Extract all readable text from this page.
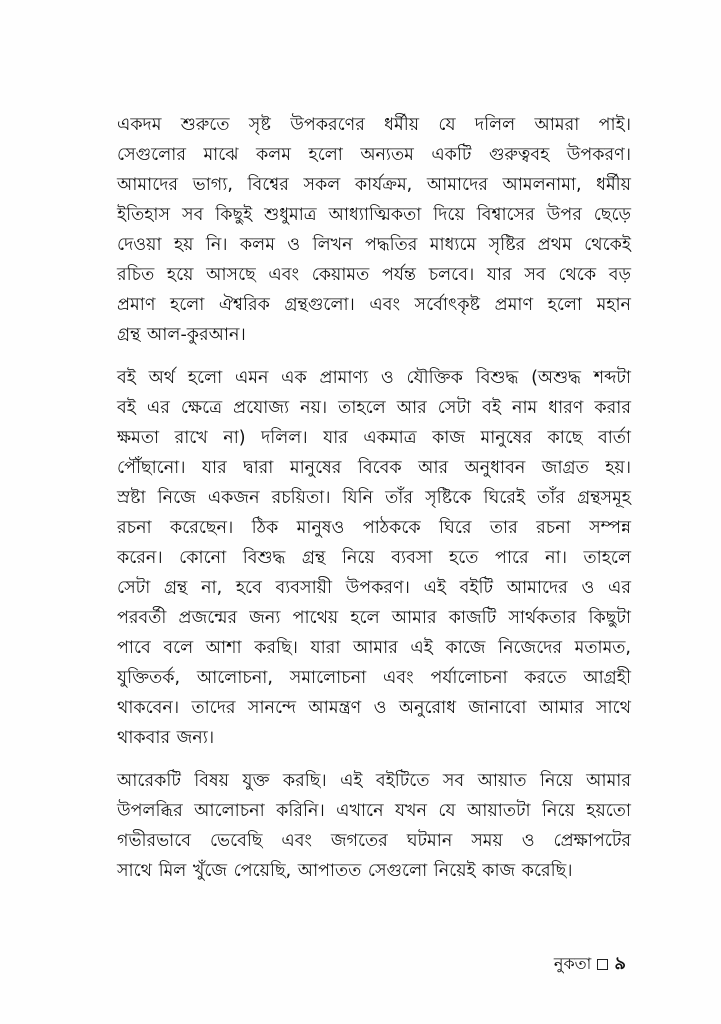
একদম শুরুতে সৃষ্ট উপকরণের ধর্মীয় যে দলিল আমরা পাই।
সেগুলোর মাঝে কলম হলো অন্যতম একটি গুরুত্ববহ উপকরণ।
আমাদের ভাগ্য, বিশ্বের সকল কার্যক্রম, আমাদের আমলনামা, ধর্মীয়
ইতিহাস সব কিছুই শুধুমাত্র আধ্যাত্মিকতা দিয়ে বিশ্বাসের উপর ছেড়ে
দেওয়া হয় নি। কলম ও লিখন পদ্ধতির মাধ্যমে সৃষ্টির প্রথম থেকেই
রচিত হয়ে আসছে এবং কেয়ামত পর্যন্ত চলবে। যার সব থেকে বড়
প্রমাণ হলো ঐশ্বরিক গ্রন্থগুলো। এবং সর্বোৎকৃষ্ট প্রমাণ হলো মহান
গ্রন্থ আল-কুরআন।

বই অর্থ হলো এমন এক প্রামাণ্য ও যৌক্তিক বিশুদ্ধ (অশুদ্ধ শব্দটা
বই এর ক্ষেত্রে প্রযোজ্য নয়। তাহলে আর সেটা বই নাম ধারণ করার
ক্ষমতা রাখে না) দলিল। যার একমাত্র কাজ মানুষের কাছে বার্তা
পৌঁছানো। যার দ্বারা মানুষের বিবেক আর অনুধাবন জাগ্রত হয়।
স্রষ্টা নিজে একজন রচয়িতা। যিনি তাঁর সৃষ্টিকে ঘিরেই তাঁর গ্রন্থসমূহ
রচনা করেছেন। ঠিক মানুষও পাঠককে ঘিরে তার রচনা সম্পন্ন
করেন। কোনো বিশুদ্ধ গ্রন্থ নিয়ে ব্যবসা হতে পারে না। তাহলে
সেটা গ্রন্থ না, হবে ব্যবসায়ী উপকরণ। এই বইটি আমাদের ও এর
পরবর্তী প্রজন্মের জন্য পাথেয় হলে আমার কাজটি সার্থকতার কিছুটা
পাবে বলে আশা করছি। যারা আমার এই কাজে নিজেদের মতামত,
যুক্তিতর্ক, আলোচনা, সমালোচনা এবং পর্যালোচনা করতে আগ্রহী
থাকবেন। তাদের সানন্দে আমন্ত্রণ ও অনুরোধ জানাবো আমার সাথে
থাকবার জন্য।

আরেকটি বিষয় যুক্ত করছি। এই বইটিতে সব আয়াত নিয়ে আমার
উপলব্ধির আলোচনা করিনি। এখানে যখন যে আয়াতটা নিয়ে হয়তো
গভীরভাবে ভেবেছি এবং জগতের ঘটমান সময় ও প্রেক্ষাপটের
সাথে মিল খুঁজে পেয়েছি, আপাতত সেগুলো নিয়েই কাজ করেছি।

নুকতা ৯
